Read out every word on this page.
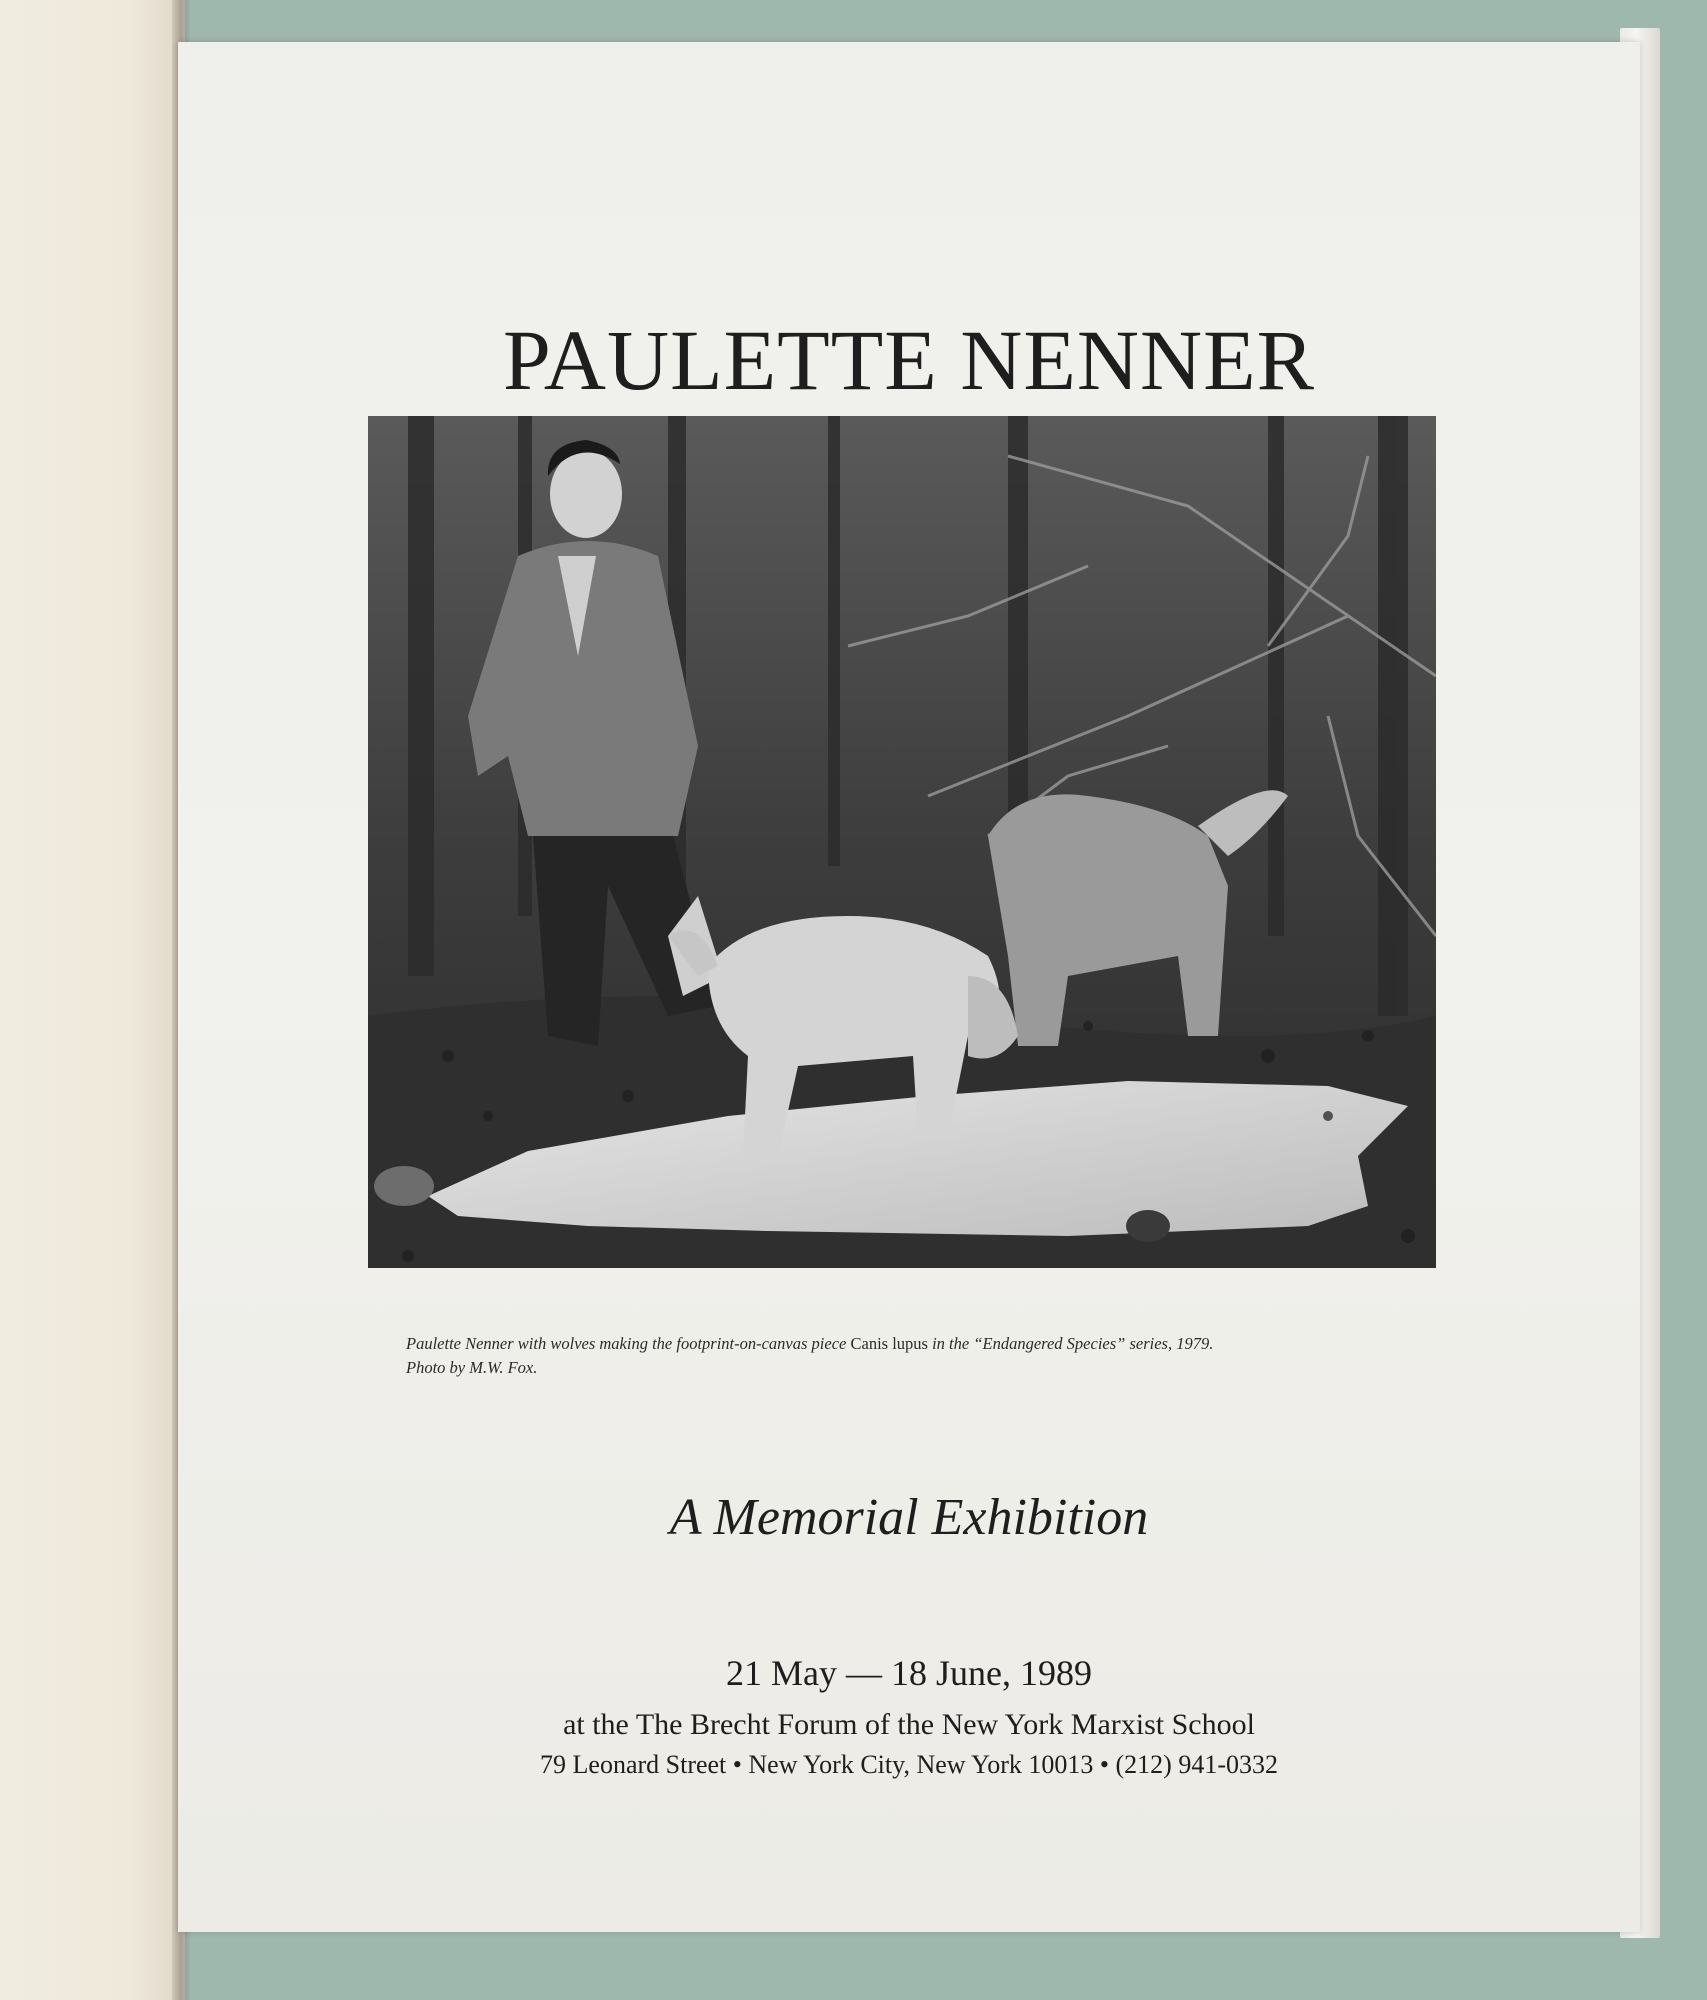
PAULETTE NENNER

Paulette Nenner with wolves making the footprint-on-canvas piece Canis lupus in the “Endangered Species” series, 1979.
Photo by M.W. Fox.

A Memorial Exhibition

21 May — 18 June, 1989

at the The Brecht Forum of the New York Marxist School

79 Leonard Street • New York City, New York 10013 • (212) 941-0332
